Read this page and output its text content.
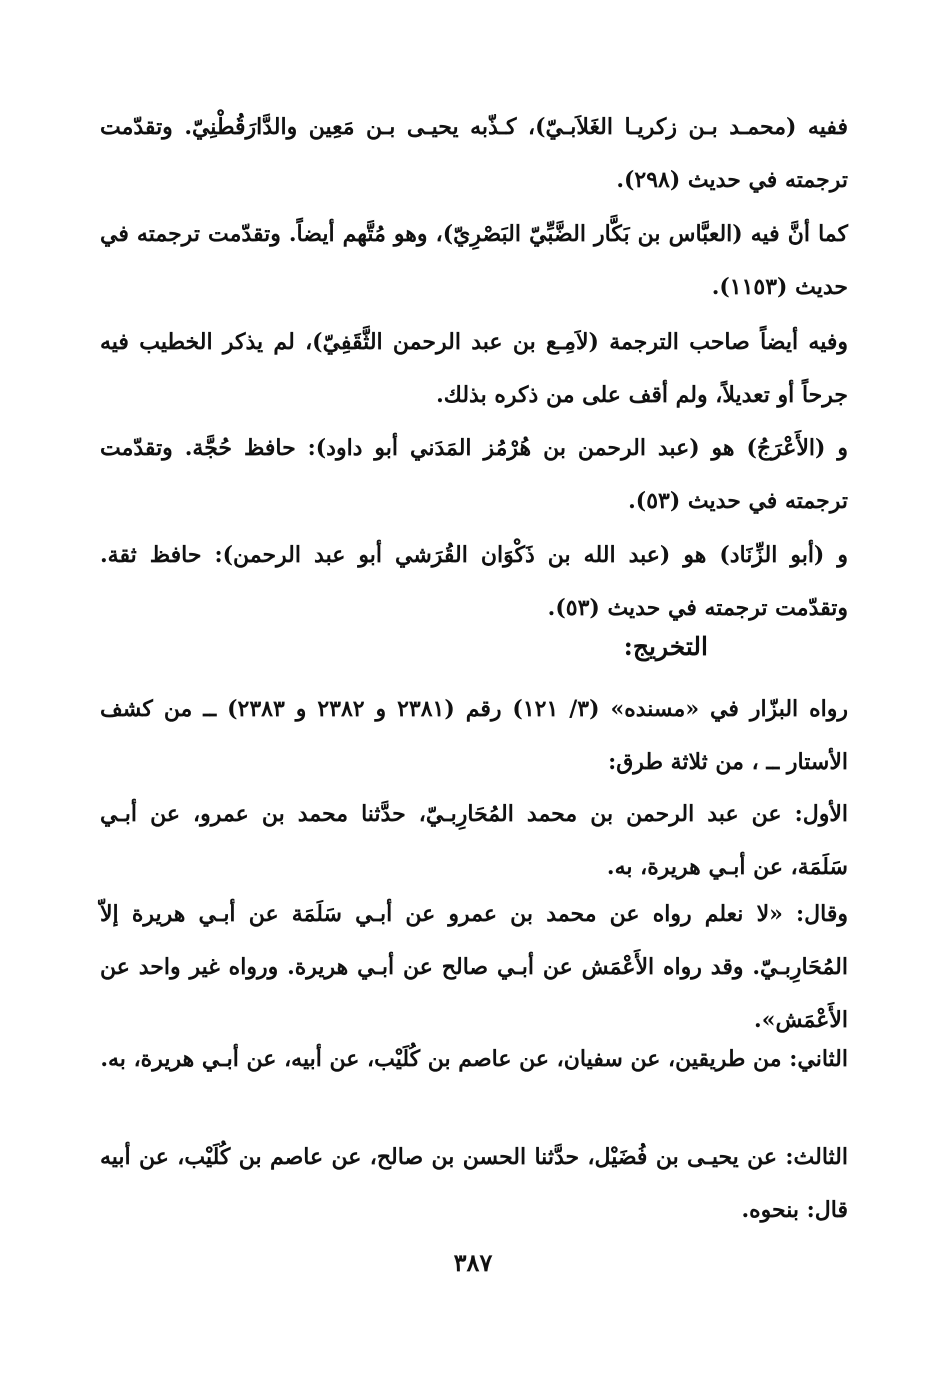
ففيه (محمـد بـن زكريـا الغَلاَبـيّ)، كـذّبه يحيـى بـن مَعِين والدَّارَقُطْنِيّ. وتقدّمت ترجمته في حديث (٢٩٨).
كما أنَّ فيه (العبَّاس بن بَكَّار الضَّبِّيّ البَصْرِيّ)، وهو مُتَّهم أيضاً. وتقدّمت ترجمته في حديث (١١٥٣).
وفيه أيضاً صاحب الترجمة (لاَمِـع بن عبد الرحمن الثَّقَفِيّ)، لم يذكر الخطيب فيه جرحاً أو تعديلاً، ولم أقف على من ذكره بذلك.
و (الأَعْرَجُ) هو (عبد الرحمن بن هُرْمُز المَدَني أبو داود): حافظ حُجَّة. وتقدّمت ترجمته في حديث (٥٣).
و (أبو الزِّنَاد) هو (عبد الله بن ذَكْوَان القُرَشي أبو عبد الرحمن): حافظ ثقة. وتقدّمت ترجمته في حديث (٥٣).
التخريج:
رواه البزّار في «مسنده» (٣/ ١٢١) رقم (٢٣٨١ و ٢٣٨٢ و ٢٣٨٣) ــ من كشف الأستار ــ ، من ثلاثة طرق:
الأول: عن عبد الرحمن بن محمد المُحَارِبـيّ، حدَّثنا محمد بن عمرو، عن أبـي سَلَمَة، عن أبـي هريرة، به.
وقال: «لا نعلم رواه عن محمد بن عمرو عن أبـي سَلَمَة عن أبـي هريرة إلاّ المُحَارِبـيّ. وقد رواه الأَعْمَش عن أبـي صالح عن أبـي هريرة. ورواه غير واحد عن الأَعْمَش».
الثاني: من طريقين، عن سفيان، عن عاصم بن كُلَيْب، عن أبيه، عن أبـي هريرة، به.
الثالث: عن يحيـى بن فُضَيْل، حدَّثنا الحسن بن صالح، عن عاصم بن كُلَيْب، عن أبيه قال: بنحوه.
٣٨٧
